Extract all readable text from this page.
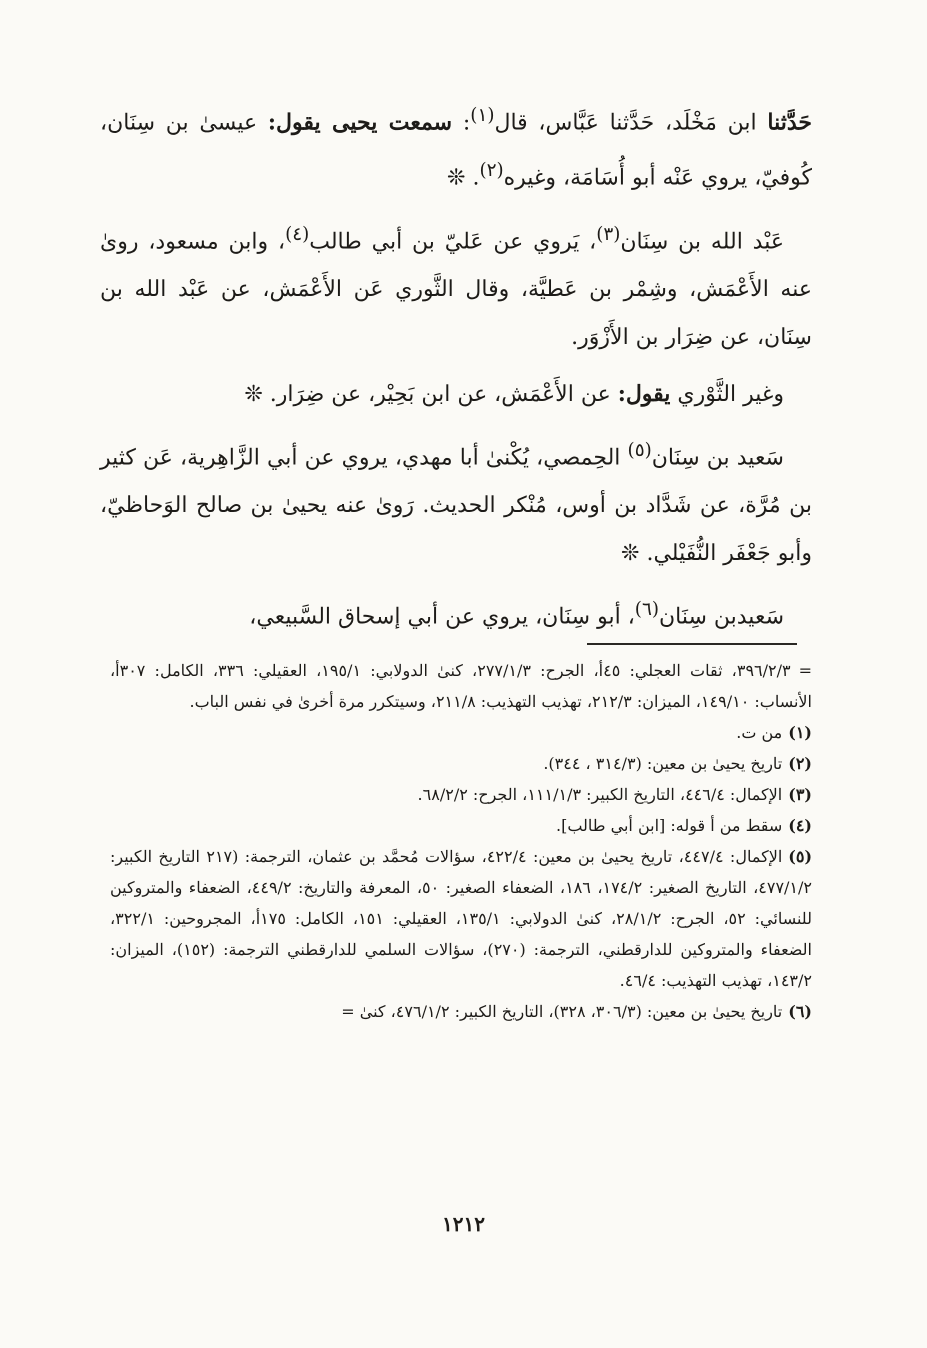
حَدَّثنا ابن مَخْلَد، حَدَّثنا عَبَّاس، قال$^{(١)}$: سمعت يحيى يقول: عيسىٰ بن سِنَان، كُوفيّ، يروي عَنْه أبو أُسَامَة، وغيره$^{(٢)}$. ❊

عَبْد الله بن سِنَان$^{(٣)}$، يَروي عن عَليّ بن أبي طالب$^{(٤)}$، وابن مسعود، روىٰ عنه الأَعْمَش، وشِمْر بن عَطيَّة، وقال الثَّوري عَن الأَعْمَش، عن عَبْد الله بن سِنَان، عن ضِرَار بن الأَزْوَر.

وغير الثَّوْري يقول: عن الأَعْمَش، عن ابن بَحِيْر، عن ضِرَار. ❊

سَعيد بن سِنَان$^{(٥)}$ الحِمصي، يُكْنىٰ أبا مهدي، يروي عن أبي الزَّاهِرية، عَن كثير بن مُرَّة، عن شَدَّاد بن أوس، مُنْكر الحديث. رَوىٰ عنه يحيىٰ بن صالح الوَحاظيّ، وأبو جَعْفَر النُّفَيْلي. ❊

سَعيدبن سِنَان$^{(٦)}$، أبو سِنَان، يروي عن أبي إسحاق السَّبيعي،

=٣٩٦/٢/٣، ثقات العجلي: ٤٥أ، الجرح: ٢٧٧/١/٣، كنىٰ الدولابي: ١٩٥/١، العقيلي: ٣٣٦، الكامل: ٣٠٧أ، الأنساب: ١٤٩/١٠، الميزان: ٢١٢/٣، تهذيب التهذيب: ٢١١/٨، وسيتكرر مرة أخرىٰ في نفس الباب.

(١)من ت.

(٢)تاريخ يحيىٰ بن معين: (٣١٤/٣ ، ٣٤٤).

(٣)الإكمال: ٤٤٦/٤، التاريخ الكبير: ١١١/١/٣، الجرح: ٦٨/٢/٢.

(٤)سقط من أ قوله: [ابن أبي طالب].

(٥)الإكمال: ٤٤٧/٤، تاريخ يحيىٰ بن معين: ٤٢٢/٤، سؤالات مُحمَّد بن عثمان، الترجمة: (٢١٧ التاريخ الكبير: ٤٧٧/١/٢، التاريخ الصغير: ١٧٤/٢، ١٨٦، الضعفاء الصغير: ٥٠، المعرفة والتاريخ: ٤٤٩/٢، الضعفاء والمتروكين للنسائي: ٥٢، الجرح: ٢٨/١/٢، كنىٰ الدولابي: ١٣٥/١، العقيلي: ١٥١، الكامل: ١٧٥أ، المجروحين: ٣٢٢/١، الضعفاء والمتروكين للدارقطني، الترجمة: (٢٧٠)، سؤالات السلمي للدارقطني الترجمة: (١٥٢)، الميزان: ١٤٣/٢، تهذيب التهذيب: ٤٦/٤.

(٦)تاريخ يحيىٰ بن معين: (٣٠٦/٣، ٣٢٨)، التاريخ الكبير: ٤٧٦/١/٢، كنىٰ =

١٢١٢
